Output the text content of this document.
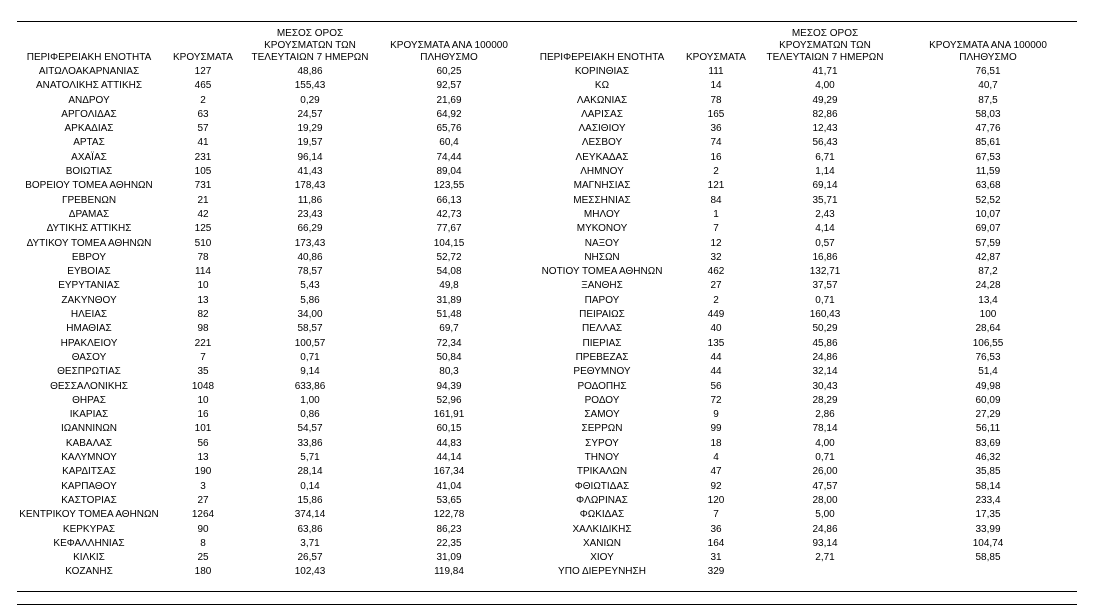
ΠΕΡΙΦΕΡΕΙΑΚΗ ΕΝΟΤΗΤΑ	ΚΡΟΥΣΜΑΤΑ	ΜΕΣΟΣ ΟΡΟΣ
ΚΡΟΥΣΜΑΤΩΝ ΤΩΝ
ΤΕΛΕΥΤΑΙΩΝ 7 ΗΜΕΡΩΝ	ΚΡΟΥΣΜΑΤΑ ΑΝΑ 100000
ΠΛΗΘΥΣΜΟ	ΠΕΡΙΦΕΡΕΙΑΚΗ ΕΝΟΤΗΤΑ	ΚΡΟΥΣΜΑΤΑ	ΜΕΣΟΣ ΟΡΟΣ
ΚΡΟΥΣΜΑΤΩΝ ΤΩΝ
ΤΕΛΕΥΤΑΙΩΝ 7 ΗΜΕΡΩΝ	ΚΡΟΥΣΜΑΤΑ ΑΝΑ 100000
ΠΛΗΘΥΣΜΟ
ΑΙΤΩΛΟΑΚΑΡΝΑΝΙΑΣ	127	48,86	60,25	ΚΟΡΙΝΘΙΑΣ	111	41,71	76,51
ΑΝΑΤΟΛΙΚΗΣ ΑΤΤΙΚΗΣ	465	155,43	92,57	ΚΩ	14	4,00	40,7
ΑΝΔΡΟΥ	2	0,29	21,69	ΛΑΚΩΝΙΑΣ	78	49,29	87,5
ΑΡΓΟΛΙΔΑΣ	63	24,57	64,92	ΛΑΡΙΣΑΣ	165	82,86	58,03
ΑΡΚΑΔΙΑΣ	57	19,29	65,76	ΛΑΣΙΘΙΟΥ	36	12,43	47,76
ΑΡΤΑΣ	41	19,57	60,4	ΛΕΣΒΟΥ	74	56,43	85,61
ΑΧΑΪΑΣ	231	96,14	74,44	ΛΕΥΚΑΔΑΣ	16	6,71	67,53
ΒΟΙΩΤΙΑΣ	105	41,43	89,04	ΛΗΜΝΟΥ	2	1,14	11,59
ΒΟΡΕΙΟΥ ΤΟΜΕΑ ΑΘΗΝΩΝ	731	178,43	123,55	ΜΑΓΝΗΣΙΑΣ	121	69,14	63,68
ΓΡΕΒΕΝΩΝ	21	11,86	66,13	ΜΕΣΣΗΝΙΑΣ	84	35,71	52,52
ΔΡΑΜΑΣ	42	23,43	42,73	ΜΗΛΟΥ	1	2,43	10,07
ΔΥΤΙΚΗΣ ΑΤΤΙΚΗΣ	125	66,29	77,67	ΜΥΚΟΝΟΥ	7	4,14	69,07
ΔΥΤΙΚΟΥ ΤΟΜΕΑ ΑΘΗΝΩΝ	510	173,43	104,15	ΝΑΞΟΥ	12	0,57	57,59
ΕΒΡΟΥ	78	40,86	52,72	ΝΗΣΩΝ	32	16,86	42,87
ΕΥΒΟΙΑΣ	114	78,57	54,08	ΝΟΤΙΟΥ ΤΟΜΕΑ ΑΘΗΝΩΝ	462	132,71	87,2
ΕΥΡΥΤΑΝΙΑΣ	10	5,43	49,8	ΞΑΝΘΗΣ	27	37,57	24,28
ΖΑΚΥΝΘΟΥ	13	5,86	31,89	ΠΑΡΟΥ	2	0,71	13,4
ΗΛΕΙΑΣ	82	34,00	51,48	ΠΕΙΡΑΙΩΣ	449	160,43	100
ΗΜΑΘΙΑΣ	98	58,57	69,7	ΠΕΛΛΑΣ	40	50,29	28,64
ΗΡΑΚΛΕΙΟΥ	221	100,57	72,34	ΠΙΕΡΙΑΣ	135	45,86	106,55
ΘΑΣΟΥ	7	0,71	50,84	ΠΡΕΒΕΖΑΣ	44	24,86	76,53
ΘΕΣΠΡΩΤΙΑΣ	35	9,14	80,3	ΡΕΘΥΜΝΟΥ	44	32,14	51,4
ΘΕΣΣΑΛΟΝΙΚΗΣ	1048	633,86	94,39	ΡΟΔΟΠΗΣ	56	30,43	49,98
ΘΗΡΑΣ	10	1,00	52,96	ΡΟΔΟΥ	72	28,29	60,09
ΙΚΑΡΙΑΣ	16	0,86	161,91	ΣΑΜΟΥ	9	2,86	27,29
ΙΩΑΝΝΙΝΩΝ	101	54,57	60,15	ΣΕΡΡΩΝ	99	78,14	56,11
ΚΑΒΑΛΑΣ	56	33,86	44,83	ΣΥΡΟΥ	18	4,00	83,69
ΚΑΛΥΜΝΟΥ	13	5,71	44,14	ΤΗΝΟΥ	4	0,71	46,32
ΚΑΡΔΙΤΣΑΣ	190	28,14	167,34	ΤΡΙΚΑΛΩΝ	47	26,00	35,85
ΚΑΡΠΑΘΟΥ	3	0,14	41,04	ΦΘΙΩΤΙΔΑΣ	92	47,57	58,14
ΚΑΣΤΟΡΙΑΣ	27	15,86	53,65	ΦΛΩΡΙΝΑΣ	120	28,00	233,4
ΚΕΝΤΡΙΚΟΥ ΤΟΜΕΑ ΑΘΗΝΩΝ	1264	374,14	122,78	ΦΩΚΙΔΑΣ	7	5,00	17,35
ΚΕΡΚΥΡΑΣ	90	63,86	86,23	ΧΑΛΚΙΔΙΚΗΣ	36	24,86	33,99
ΚΕΦΑΛΛΗΝΙΑΣ	8	3,71	22,35	ΧΑΝΙΩΝ	164	93,14	104,74
ΚΙΛΚΙΣ	25	26,57	31,09	ΧΙΟΥ	31	2,71	58,85
ΚΟΖΑΝΗΣ	180	102,43	119,84	ΥΠΟ ΔΙΕΡΕΥΝΗΣΗ	329		
